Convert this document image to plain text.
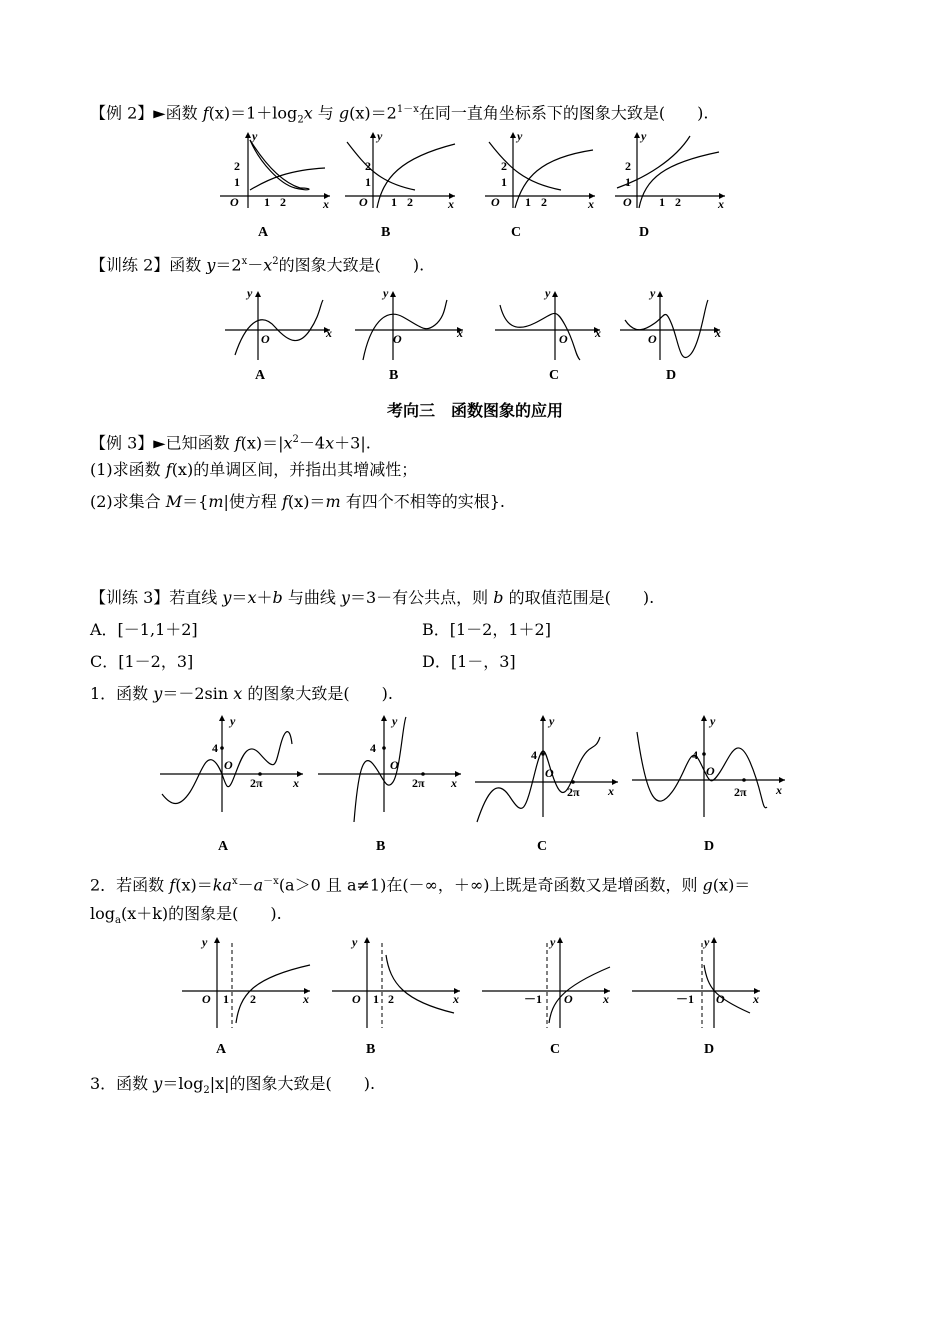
【例 2】►函数 $f(x)=1+\log_2x$ 与 $g(x)=2^{1-x}$在同一直角坐标系下的图象大致是(　　).
y
x
O
2
1
1 2
A
y
x
O
2
1
1 2
B
y
x
O
2
1
1 2
C
y
x
O
2
1
1 2
D
【训练 2】函数 $y=2^x-x^2$的图象大致是(　　).
y
x
O
A
y
x
O
B
y
x
O
C
y
x
O
D
考向三　函数图象的应用
【例 3】►已知函数 $f(x)=|x^2-4x+3|$.
(1)求函数 f(x)的单调区间，并指出其增减性；
(2)求集合 M＝{m|使方程 f(x)＝m 有四个不相等的实根}.
【训练 3】若直线 y＝x＋b 与曲线 y＝3－有公共点，则 b 的取值范围是(　　).
A．[－1,1＋2]	B．[1－2，1＋2]
C．[1－2，3]	D．[1－，3]
1．函数 y＝－2sin x 的图象大致是(　　).
y
x
O
4
2π
A
y
x
O
4
2π
B
y
x
O
4
2π
C
y
x
O
4
2π
D
2．若函数 $f(x)=ka^x-a^{-x}(a>0$ 且 a≠1)在(－∞，＋∞)上既是奇函数又是增函数，则 g(x)＝
$\log_a(x+k)$的图象是(　　).
y
x
O 1 2
A
y
x
O 1 2
B
y
x
O
－1
C
y
x
O
－1
D
3．函数 $y=\log_2|x|$的图象大致是(　　).
